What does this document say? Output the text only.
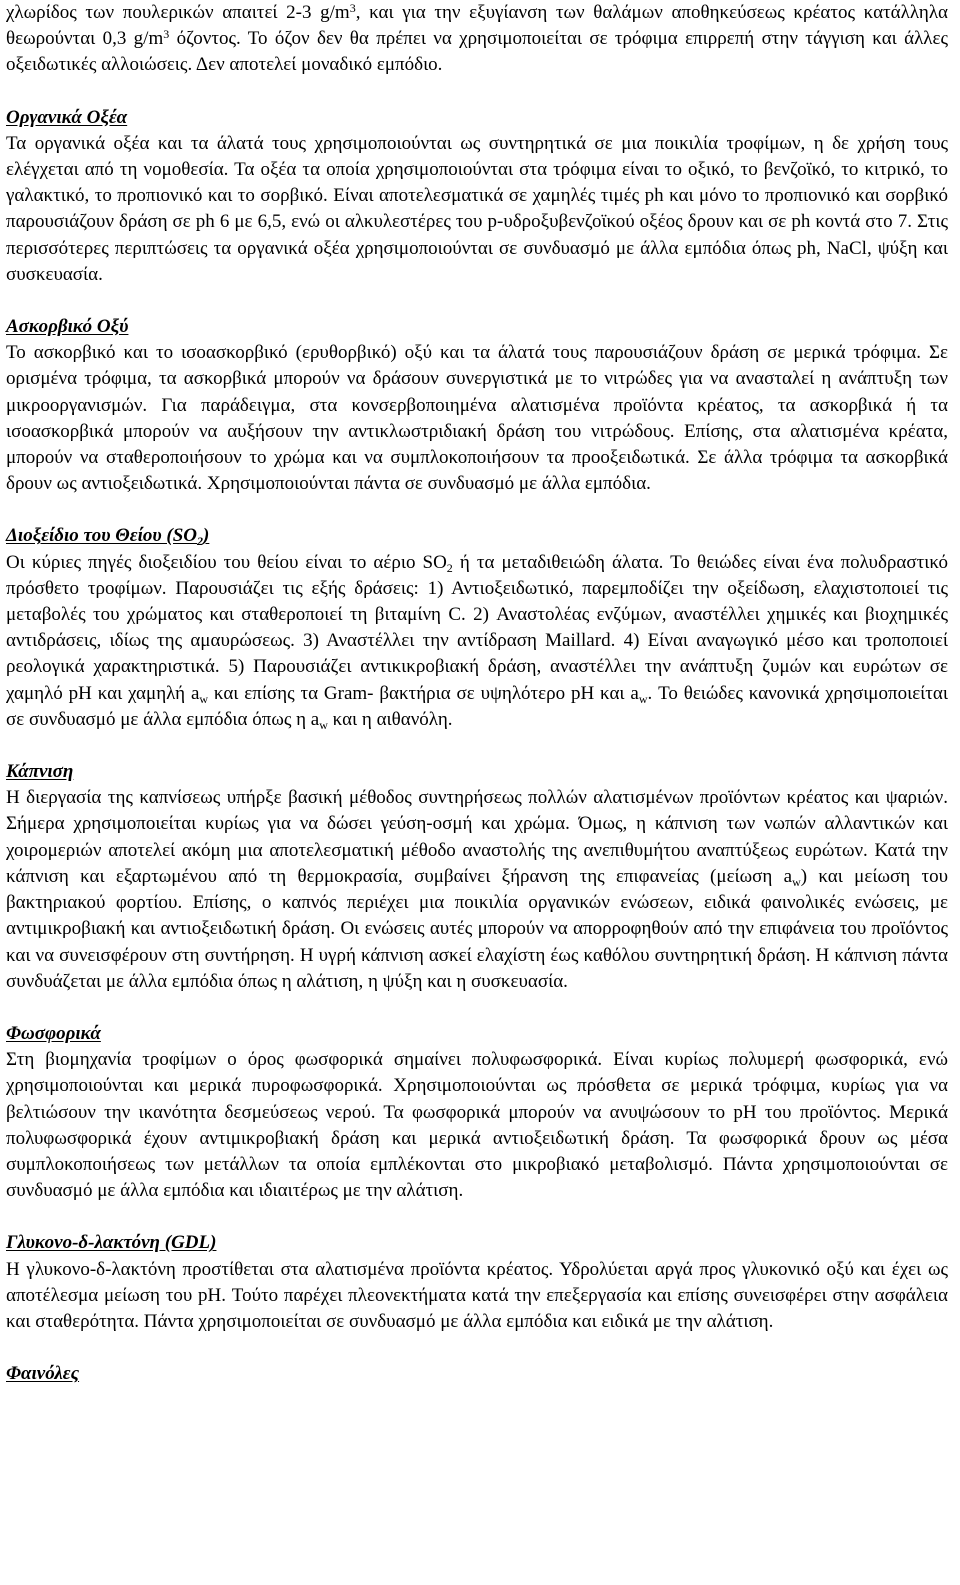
χλωρίδος των πουλερικών απαιτεί 2-3 $g/m^3$, και για την εξυγίανση των θαλάμων αποθηκεύσεως κρέατος κατάλληλα θεωρούνται 0,3 $g/m^3$ όζοντος. Το όζον δεν θα πρέπει να χρησιμοποιείται σε τρόφιμα επιρρεπή στην τάγγιση και άλλες οξειδωτικές αλλοιώσεις. Δεν αποτελεί μοναδικό εμπόδιο.

Οργανικά Οξέα

Τα οργανικά οξέα και τα άλατά τους χρησιμοποιούνται ως συντηρητικά σε μια ποικιλία τροφίμων, η δε χρήση τους ελέγχεται από τη νομοθεσία. Τα οξέα τα οποία χρησιμοποιούνται στα τρόφιμα είναι το οξικό, το βενζοϊκό, το κιτρικό, το γαλακτικό, το προπιονικό και το σορβικό. Είναι αποτελεσματικά σε χαμηλές τιμές ph και μόνο το προπιονικό και σορβικό παρουσιάζουν δράση σε ph 6 με 6,5, ενώ οι αλκυλεστέρες του p-υδροξυβενζοϊκού οξέος δρουν και σε ph κοντά στο 7. Στις περισσότερες περιπτώσεις τα οργανικά οξέα χρησιμοποιούνται σε συνδυασμό με άλλα εμπόδια όπως ph, NaCl, ψύξη και συσκευασία.

Ασκορβικό Οξύ

Το ασκορβικό και το ισοασκορβικό (ερυθορβικό) οξύ και τα άλατά τους παρουσιάζουν δράση σε μερικά τρόφιμα. Σε ορισμένα τρόφιμα, τα ασκορβικά μπορούν να δράσουν συνεργιστικά με το νιτρώδες για να ανασταλεί η ανάπτυξη των μικροοργανισμών. Για παράδειγμα, στα κονσερβοποιημένα αλατισμένα προϊόντα κρέατος, τα ασκορβικά ή τα ισοασκορβικά μπορούν να αυξήσουν την αντικλωστριδιακή δράση του νιτρώδους. Επίσης, στα αλατισμένα κρέατα, μπορούν να σταθεροποιήσουν το χρώμα και να συμπλοκοποιήσουν τα προοξειδωτικά. Σε άλλα τρόφιμα τα ασκορβικά δρουν ως αντιοξειδωτικά. Χρησιμοποιούνται πάντα σε συνδυασμό με άλλα εμπόδια.

Διοξείδιο του Θείου $(SO_2)$

Οι κύριες πηγές διοξειδίου του θείου είναι το αέριο $SO_2$ ή τα μεταδιθειώδη άλατα. Το θειώδες είναι ένα πολυδραστικό πρόσθετο τροφίμων. Παρουσιάζει τις εξής δράσεις: 1) Αντιοξειδωτικό, παρεμποδίζει την οξείδωση, ελαχιστοποιεί τις μεταβολές του χρώματος και σταθεροποιεί τη βιταμίνη C. 2) Αναστολέας ενζύμων, αναστέλλει χημικές και βιοχημικές αντιδράσεις, ιδίως της αμαυρώσεως. 3) Αναστέλλει την αντίδραση Maillard. 4) Είναι αναγωγικό μέσο και τροποποιεί ρεολογικά χαρακτηριστικά. 5) Παρουσιάζει αντικικροβιακή δράση, αναστέλλει την ανάπτυξη ζυμών και ευρώτων σε χαμηλό pH και χαμηλή $a_w$ και επίσης τα Gram- βακτήρια σε υψηλότερο pH και $a_w$. Το θειώδες κανονικά χρησιμοποιείται σε συνδυασμό με άλλα εμπόδια όπως η $a_w$ και η αιθανόλη.

Κάπνιση

Η διεργασία της καπνίσεως υπήρξε βασική μέθοδος συντηρήσεως πολλών αλατισμένων προϊόντων κρέατος και ψαριών. Σήμερα χρησιμοποιείται κυρίως για να δώσει γεύση-οσμή και χρώμα. Όμως, η κάπνιση των νωπών αλλαντικών και χοιρομεριών αποτελεί ακόμη μια αποτελεσματική μέθοδο αναστολής της ανεπιθυμήτου αναπτύξεως ευρώτων. Κατά την κάπνιση και εξαρτωμένου από τη θερμοκρασία, συμβαίνει ξήρανση της επιφανείας (μείωση $a_w$) και μείωση του βακτηριακού φορτίου. Επίσης, ο καπνός περιέχει μια ποικιλία οργανικών ενώσεων, ειδικά φαινολικές ενώσεις, με αντιμικροβιακή και αντιοξειδωτική δράση. Οι ενώσεις αυτές μπορούν να απορροφηθούν από την επιφάνεια του προϊόντος και να συνεισφέρουν στη συντήρηση. Η υγρή κάπνιση ασκεί ελαχίστη έως καθόλου συντηρητική δράση. Η κάπνιση πάντα συνδυάζεται με άλλα εμπόδια όπως η αλάτιση, η ψύξη και η συσκευασία.

Φωσφορικά

Στη βιομηχανία τροφίμων ο όρος φωσφορικά σημαίνει πολυφωσφορικά. Είναι κυρίως πολυμερή φωσφορικά, ενώ χρησιμοποιούνται και μερικά πυροφωσφορικά. Χρησιμοποιούνται ως πρόσθετα σε μερικά τρόφιμα, κυρίως για να βελτιώσουν την ικανότητα δεσμεύσεως νερού. Τα φωσφορικά μπορούν να ανυψώσουν το pH του προϊόντος. Μερικά πολυφωσφορικά έχουν αντιμικροβιακή δράση και μερικά αντιοξειδωτική δράση. Τα φωσφορικά δρουν ως μέσα συμπλοκοποιήσεως των μετάλλων τα οποία εμπλέκονται στο μικροβιακό μεταβολισμό. Πάντα χρησιμοποιούνται σε συνδυασμό με άλλα εμπόδια και ιδιαιτέρως με την αλάτιση.

Γλυκονο-δ-λακτόνη (GDL)

Η γλυκονο-δ-λακτόνη προστίθεται στα αλατισμένα προϊόντα κρέατος. Υδρολύεται αργά προς γλυκονικό οξύ και έχει ως αποτέλεσμα μείωση του pH. Τούτο παρέχει πλεονεκτήματα κατά την επεξεργασία και επίσης συνεισφέρει στην ασφάλεια και σταθερότητα. Πάντα χρησιμοποιείται σε συνδυασμό με άλλα εμπόδια και ειδικά με την αλάτιση.

Φαινόλες
